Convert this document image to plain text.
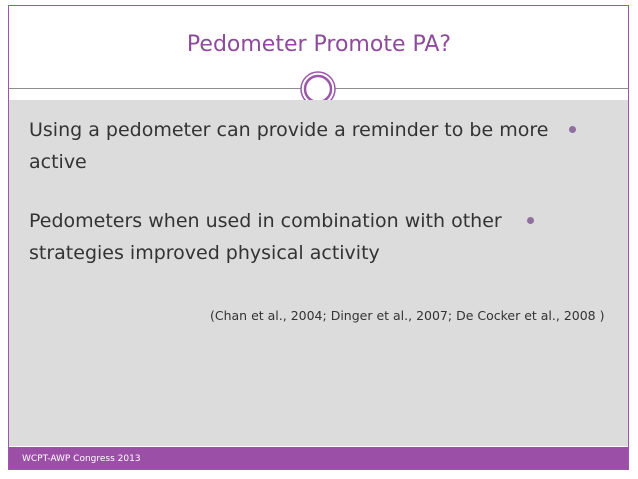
Pedometer Promote PA?
Using a pedometer can provide a reminder to be more
active
Pedometers when used in combination with other
strategies improved physical activity
(Chan et al., 2004; Dinger et al., 2007; De Cocker et al., 2008 )
WCPT-AWP Congress 2013
